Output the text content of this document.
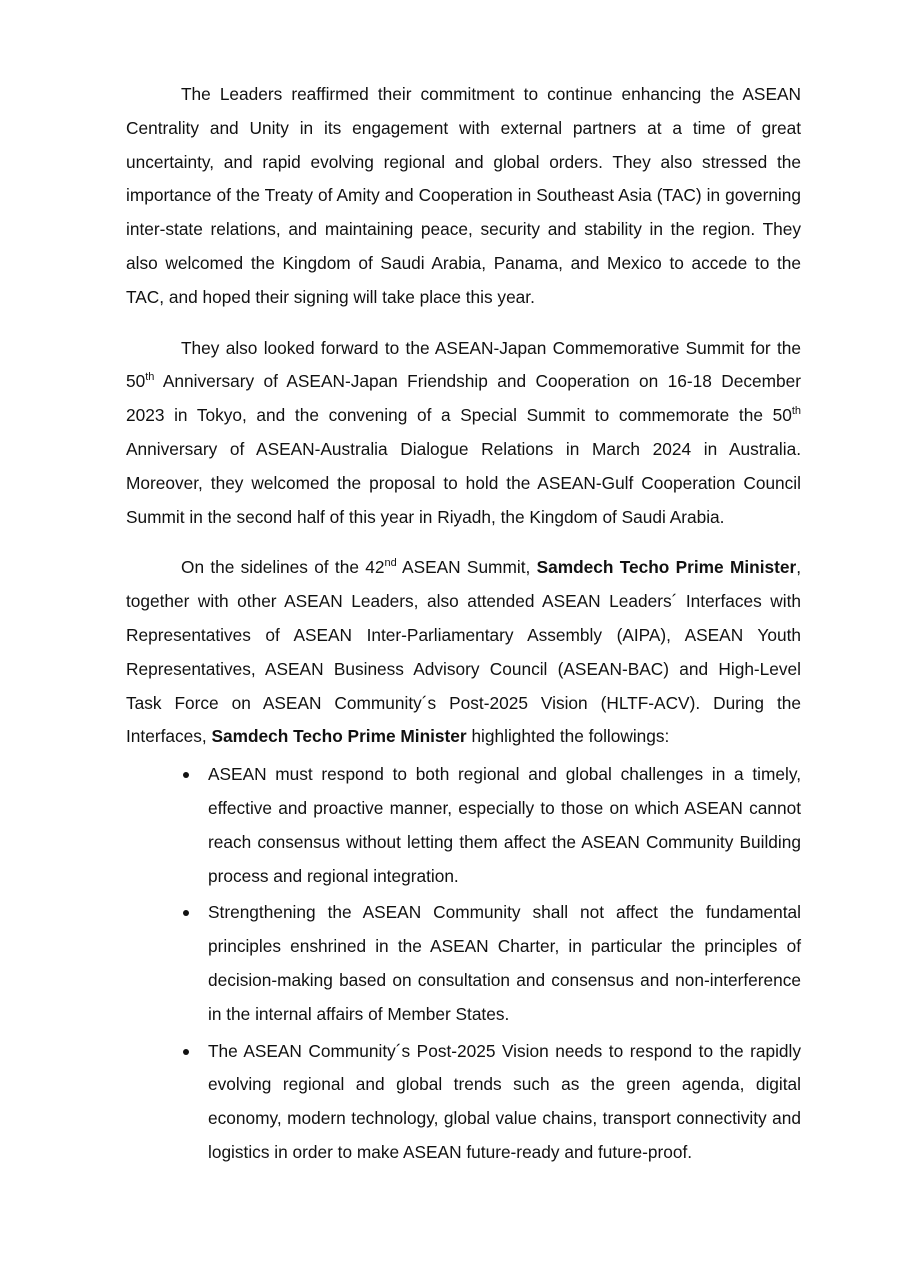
The Leaders reaffirmed their commitment to continue enhancing the ASEAN Centrality and Unity in its engagement with external partners at a time of great uncertainty, and rapid evolving regional and global orders. They also stressed the importance of the Treaty of Amity and Cooperation in Southeast Asia (TAC) in governing inter-state relations, and maintaining peace, security and stability in the region. They also welcomed the Kingdom of Saudi Arabia, Panama, and Mexico to accede to the TAC, and hoped their signing will take place this year.

They also looked forward to the ASEAN-Japan Commemorative Summit for the 50th Anniversary of ASEAN-Japan Friendship and Cooperation on 16-18 December 2023 in Tokyo, and the convening of a Special Summit to commemorate the 50th Anniversary of ASEAN-Australia Dialogue Relations in March 2024 in Australia. Moreover, they welcomed the proposal to hold the ASEAN-Gulf Cooperation Council Summit in the second half of this year in Riyadh, the Kingdom of Saudi Arabia.

On the sidelines of the 42nd ASEAN Summit, Samdech Techo Prime Minister, together with other ASEAN Leaders, also attended ASEAN Leaders´ Interfaces with Representatives of ASEAN Inter-Parliamentary Assembly (AIPA), ASEAN Youth Representatives, ASEAN Business Advisory Council (ASEAN-BAC) and High-Level Task Force on ASEAN Community´s Post-2025 Vision (HLTF-ACV). During the Interfaces, Samdech Techo Prime Minister highlighted the followings:

ASEAN must respond to both regional and global challenges in a timely, effective and proactive manner, especially to those on which ASEAN cannot reach consensus without letting them affect the ASEAN Community Building process and regional integration.
Strengthening the ASEAN Community shall not affect the fundamental principles enshrined in the ASEAN Charter, in particular the principles of decision-making based on consultation and consensus and non-interference in the internal affairs of Member States.
The ASEAN Community´s Post-2025 Vision needs to respond to the rapidly evolving regional and global trends such as the green agenda, digital economy, modern technology, global value chains, transport connectivity and logistics in order to make ASEAN future-ready and future-proof.
